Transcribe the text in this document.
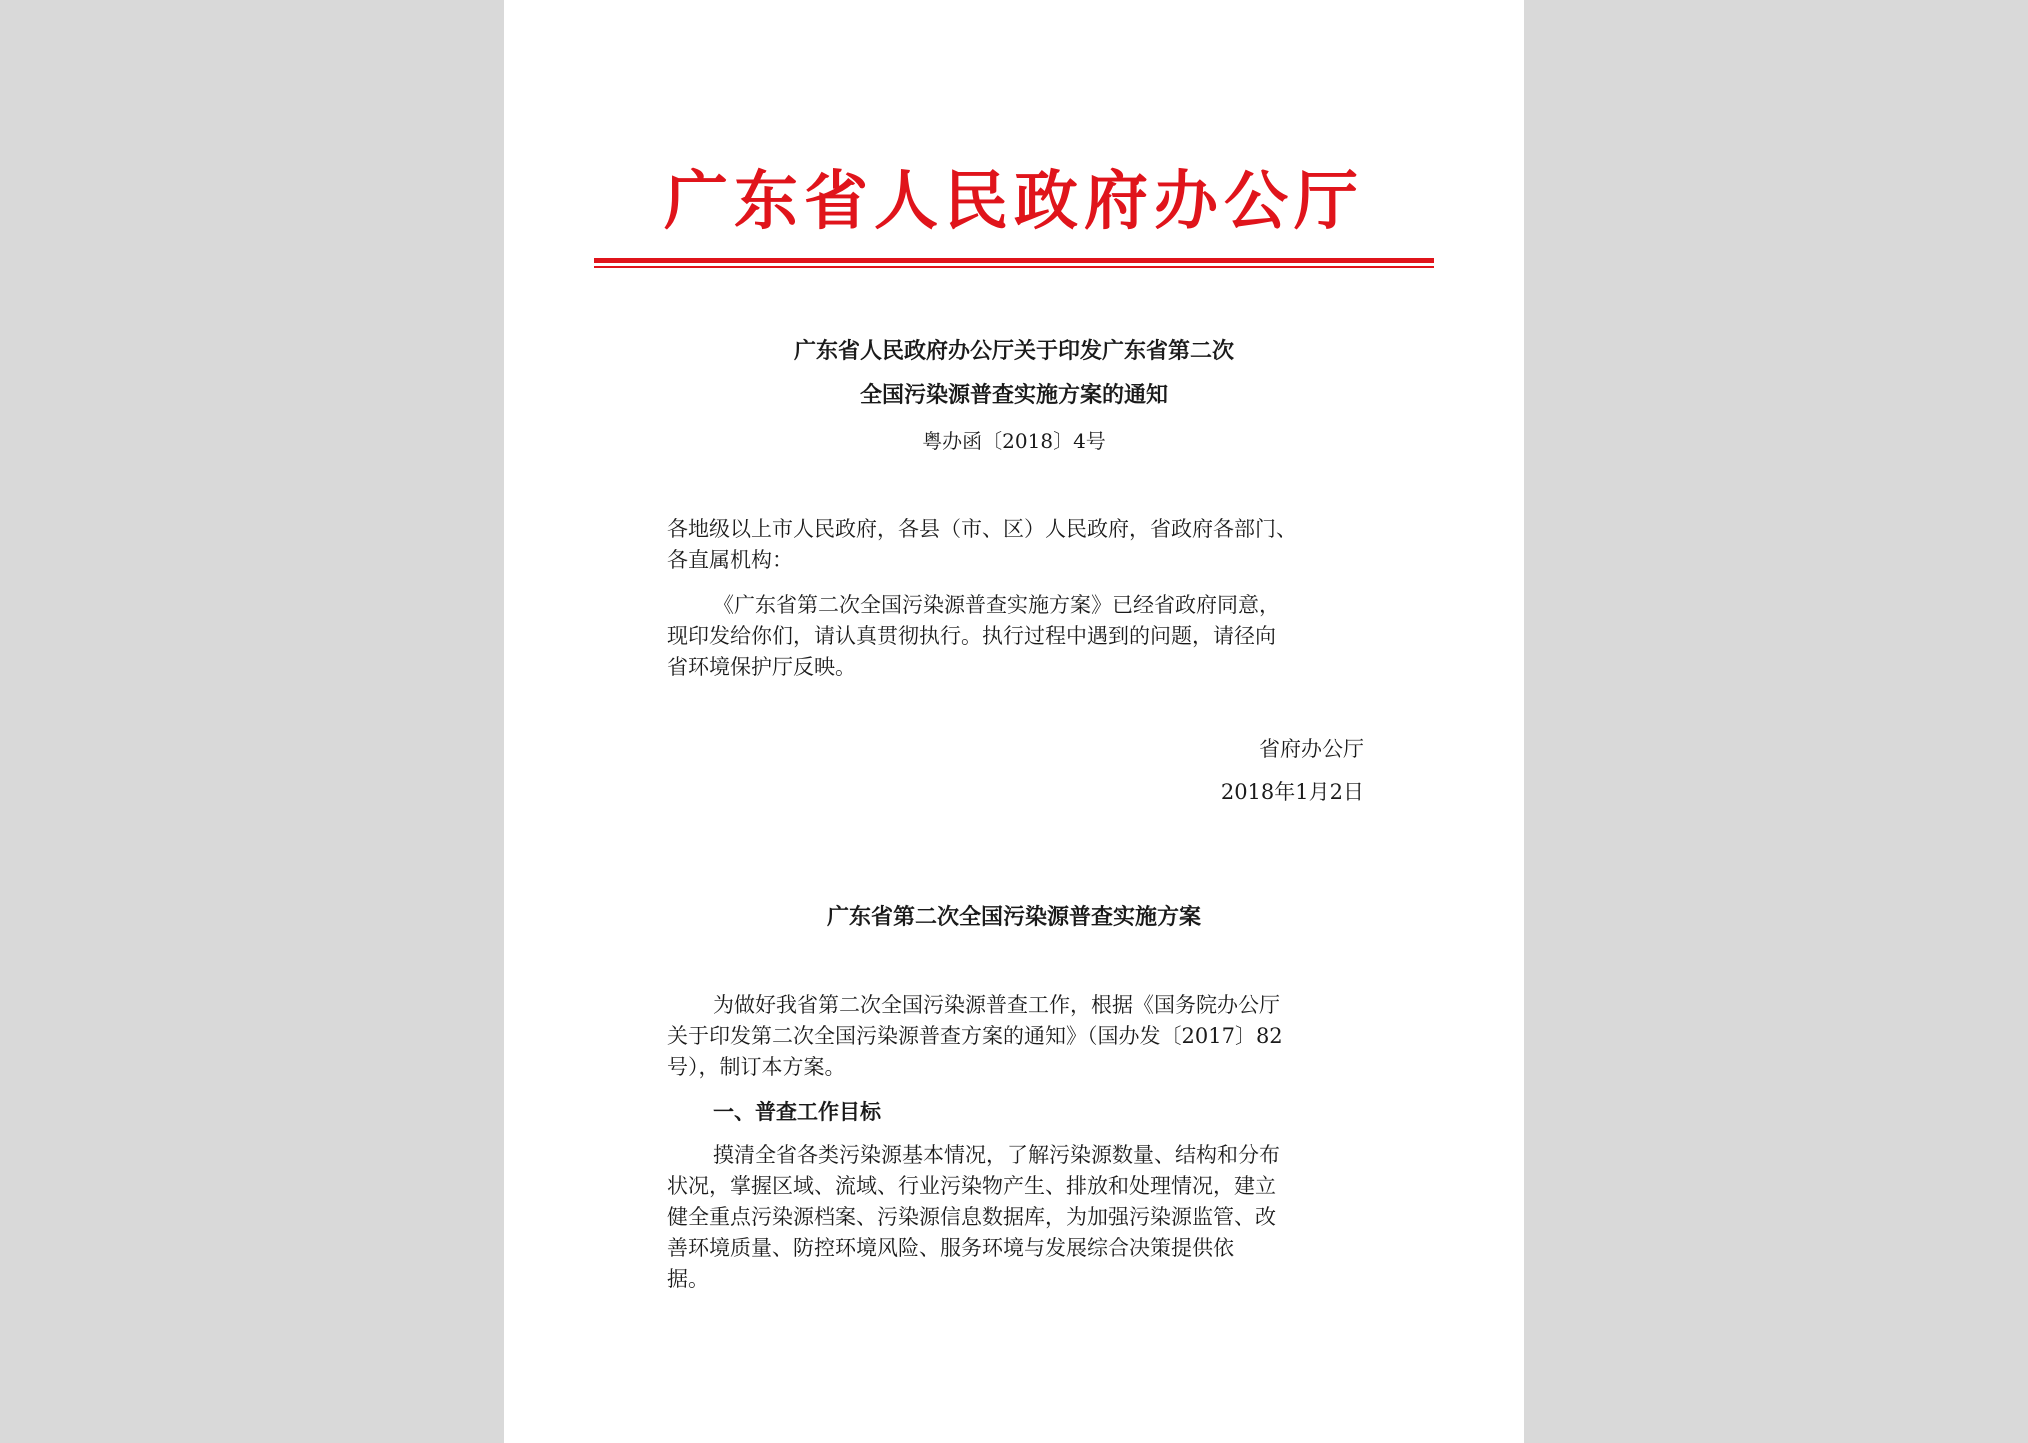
广东省人民政府办公厅
广东省人民政府办公厅关于印发广东省第二次
全国污染源普查实施方案的通知
粤办函〔2018〕4号
各地级以上市人民政府，各县（市、区）人民政府，省政府各部门、
各直属机构：
《广东省第二次全国污染源普查实施方案》已经省政府同意，
现印发给你们，请认真贯彻执行。执行过程中遇到的问题，请径向
省环境保护厅反映。
省府办公厅
2018年1月2日
广东省第二次全国污染源普查实施方案
为做好我省第二次全国污染源普查工作，根据《国务院办公厅
关于印发第二次全国污染源普查方案的通知》（国办发〔2017〕82
号），制订本方案。
一、普查工作目标
摸清全省各类污染源基本情况，了解污染源数量、结构和分布
状况，掌握区域、流域、行业污染物产生、排放和处理情况，建立
健全重点污染源档案、污染源信息数据库，为加强污染源监管、改
善环境质量、防控环境风险、服务环境与发展综合决策提供依
据。
